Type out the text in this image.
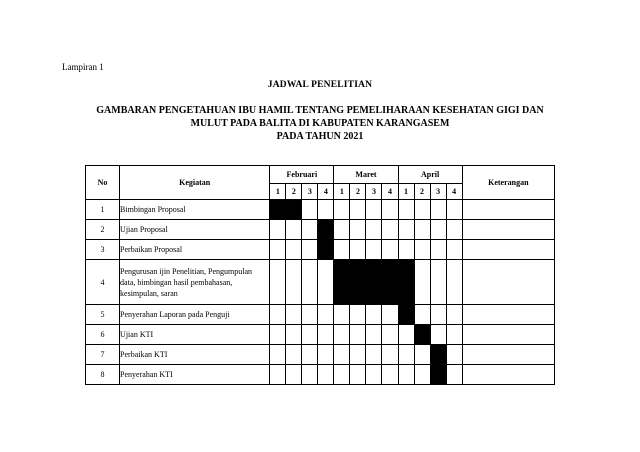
Lampiran 1
JADWAL PENELITIAN
GAMBARAN PENGETAHUAN IBU HAMIL TENTANG PEMELIHARAAN KESEHATAN GIGI DAN
MULUT PADA BALITA DI KABUPATEN KARANGASEM
PADA TAHUN 2021
No	Kegiatan	Februari				Maret				April				Keterangan
		1	2	3	4	1	2	3	4	1	2	3	4	
1	Bimbingan Proposal													
2	Ujian Proposal													
3	Perbaikan Proposal													
4	Pengurusan ijin Penelitian, Pengumpulan data, bimbingan hasil pembahasan, kesimpulan, saran													
5	Penyerahan Laporan pada Penguji													
6	Ujian KTI													
7	Perbaikan KTI													
8	Penyerahan KTI													
